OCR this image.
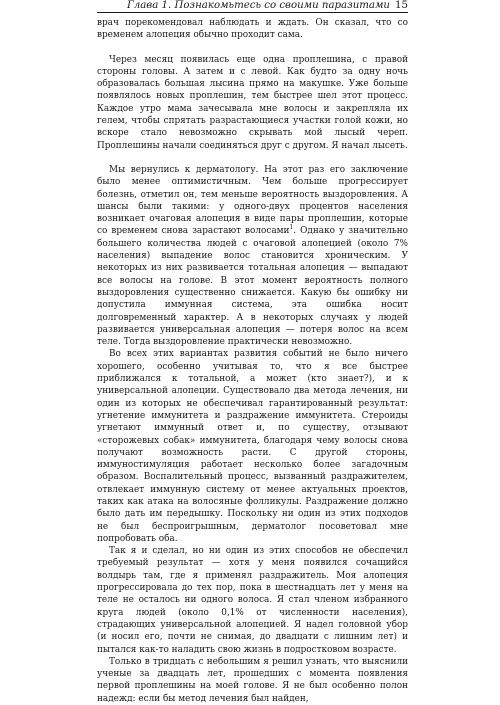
Глава 1. Познакомьтесь со своими паразитами 15

врач порекомендовал наблюдать и ждать. Он сказал, что со временем алопеция обычно проходит сама.

Через месяц появилась еще одна проплешина, с правой стороны головы. А затем и с левой. Как будто за одну ночь образовалась большая лысина прямо на макушке. Уже больше появлялось новых проплешин, тем быстрее шел этот процесс. Каждое утро мама зачесывала мне волосы и закрепляла их гелем, чтобы спрятать разрастающиеся участки голой кожи, но вскоре стало невозможно скрывать мой лысый череп. Проплешины начали соединяться друг с другом. Я начал лысеть.

Мы вернулись к дерматологу. На этот раз его заключение было менее оптимистичным. Чем больше прогрессирует болезнь, отметил он, тем меньше вероятность выздоровления. А шансы были такими: у одного-двух процентов населения возникает очаговая алопеция в виде пары проплешин, которые со временем снова зарастают волосами$^1$. Однако у значительно большего количества людей с очаговой алопецией (около 7% населения) выпадение волос становится хроническим. У некоторых из них развивается тотальная алопеция — выпадают все волосы на голове. В этот момент вероятность полного выздоровления существенно снижается. Какую бы ошибку ни допустила иммунная система, эта ошибка носит долговременный характер. А в некоторых случаях у людей развивается универсальная алопеция — потеря волос на всем теле. Тогда выздоровление практически невозможно.

Во всех этих вариантах развития событий не было ничего хорошего, особенно учитывая то, что я все быстрее приближался к тотальной, а может (кто знает?), и к универсальной алопеции. Существовало два метода лечения, ни один из которых не обеспечивал гарантированный результат: угнетение иммунитета и раздражение иммунитета. Стероиды угнетают иммунный ответ и, по существу, отзывают «сторожевых собак» иммунитета, благодаря чему волосы снова получают возможность расти. С другой стороны, иммуностимуляция работает несколько более загадочным образом. Воспалительный процесс, вызванный раздражителем, отвлекает иммунную систему от менее актуальных проектов, таких как атака на волосяные фолликулы. Раздражение должно было дать им передышку. Поскольку ни один из этих подходов не был беспроигрышным, дерматолог посоветовал мне попробовать оба.

Так я и сделал, но ни один из этих способов не обеспечил требуемый результат — хотя у меня появился сочащийся волдырь там, где я применял раздражитель. Моя алопеция прогрессировала до тех пор, пока в шестнадцать лет у меня на теле не осталось ни одного волоса. Я стал членом избранного круга людей (около 0,1% от численности населения), страдающих универсальной алопецией. Я надел головной убор (и носил его, почти не снимая, до двадцати с лишним лет) и пытался как-то наладить свою жизнь в подростковом возрасте.

Только в тридцать с небольшим я решил узнать, что выяснили ученые за двадцать лет, прошедших с момента появления первой проплешины на моей голове. Я не был особенно полон надежд: если бы метод лечения был найден,
